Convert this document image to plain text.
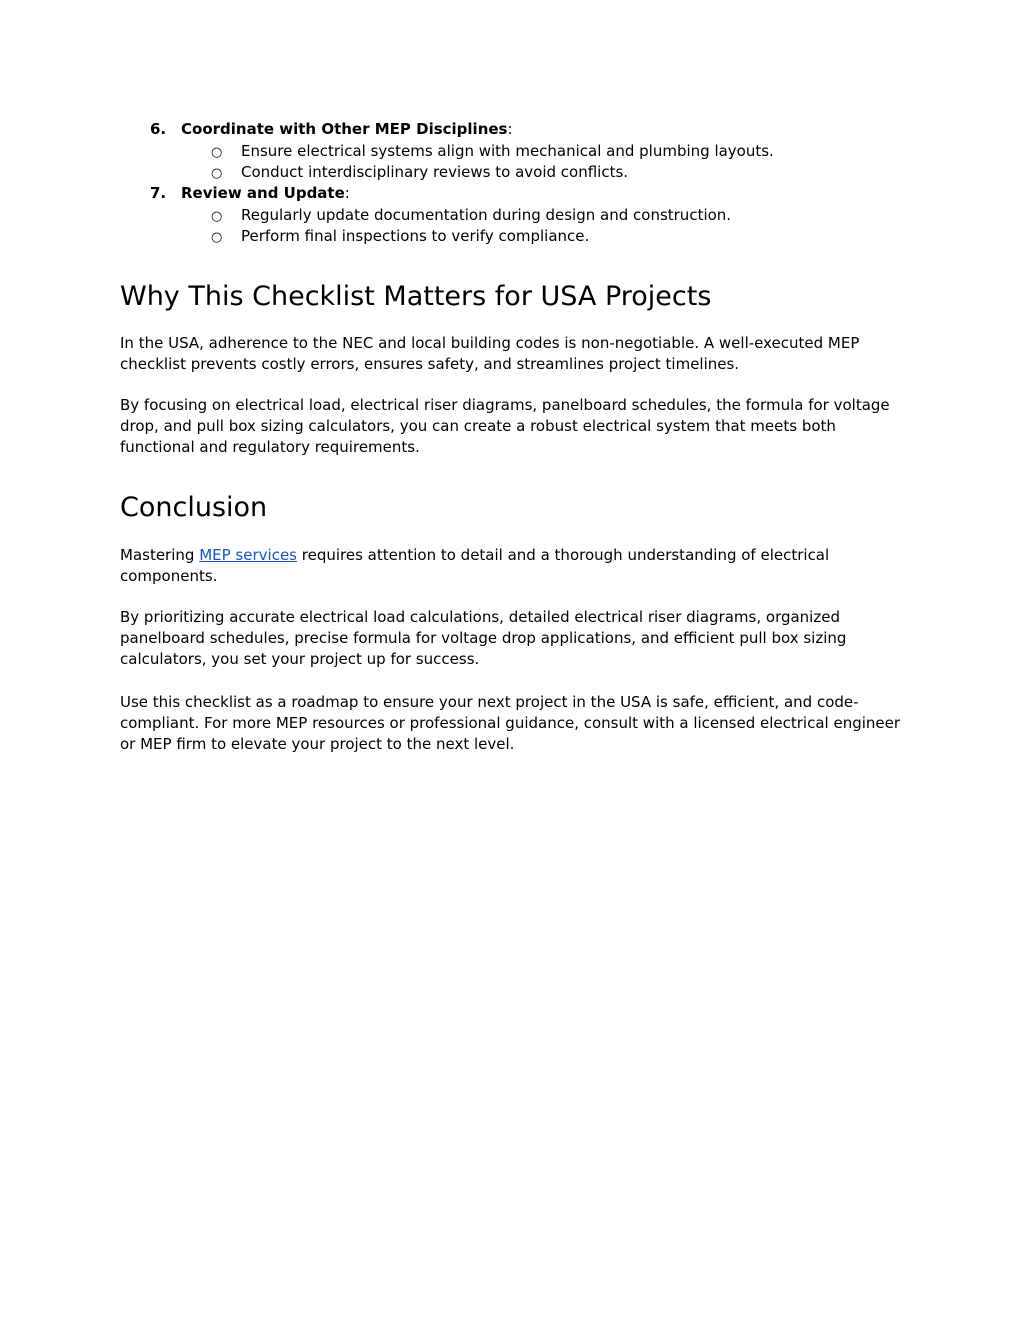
6. Coordinate with Other MEP Disciplines:
○ Ensure electrical systems align with mechanical and plumbing layouts.
○ Conduct interdisciplinary reviews to avoid conflicts.
7. Review and Update:
○ Regularly update documentation during design and construction.
○ Perform final inspections to verify compliance.
Why This Checklist Matters for USA Projects

In the USA, adherence to the NEC and local building codes is non-negotiable. A well-executed MEP checklist prevents costly errors, ensures safety, and streamlines project timelines.

By focusing on electrical load, electrical riser diagrams, panelboard schedules, the formula for voltage drop, and pull box sizing calculators, you can create a robust electrical system that meets both functional and regulatory requirements.

Conclusion

Mastering MEP services requires attention to detail and a thorough understanding of electrical components.

By prioritizing accurate electrical load calculations, detailed electrical riser diagrams, organized panelboard schedules, precise formula for voltage drop applications, and efficient pull box sizing calculators, you set your project up for success.

Use this checklist as a roadmap to ensure your next project in the USA is safe, efficient, and code-compliant. For more MEP resources or professional guidance, consult with a licensed electrical engineer or MEP firm to elevate your project to the next level.
